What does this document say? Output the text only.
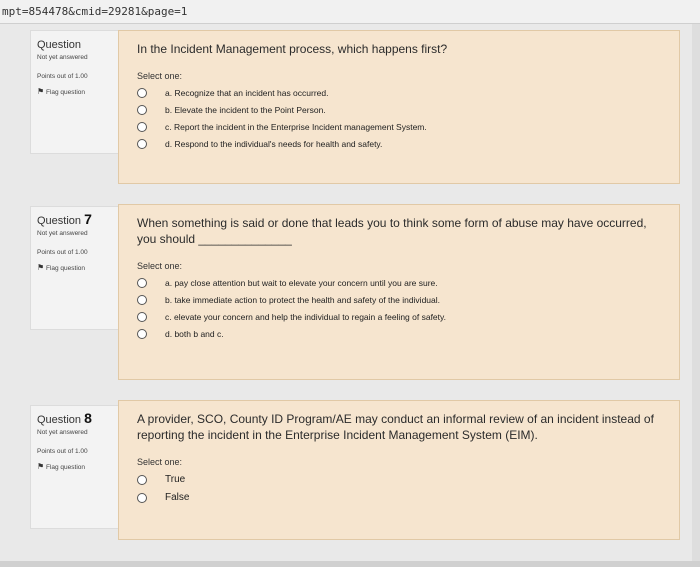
mpt=854478&cmid=29281&page=1
Question
Not yet answered
Points out of 1.00
⚑ Flag question
In the Incident Management process, which happens first?
Select one:
a. Recognize that an incident has occurred.
b. Elevate the incident to the Point Person.
c. Report the incident in the Enterprise Incident management System.
d. Respond to the individual's needs for health and safety.
Question 7
Not yet answered
Points out of 1.00
⚑ Flag question
When something is said or done that leads you to think some form of abuse may have occurred, you should ______________
Select one:
a. pay close attention but wait to elevate your concern until you are sure.
b. take immediate action to protect the health and safety of the individual.
c. elevate your concern and help the individual to regain a feeling of safety.
d. both b and c.
Question 8
Not yet answered
Points out of 1.00
⚑ Flag question
A provider, SCO, County ID Program/AE may conduct an informal review of an incident instead of reporting the incident in the Enterprise Incident Management System (EIM).
Select one:
True
False
